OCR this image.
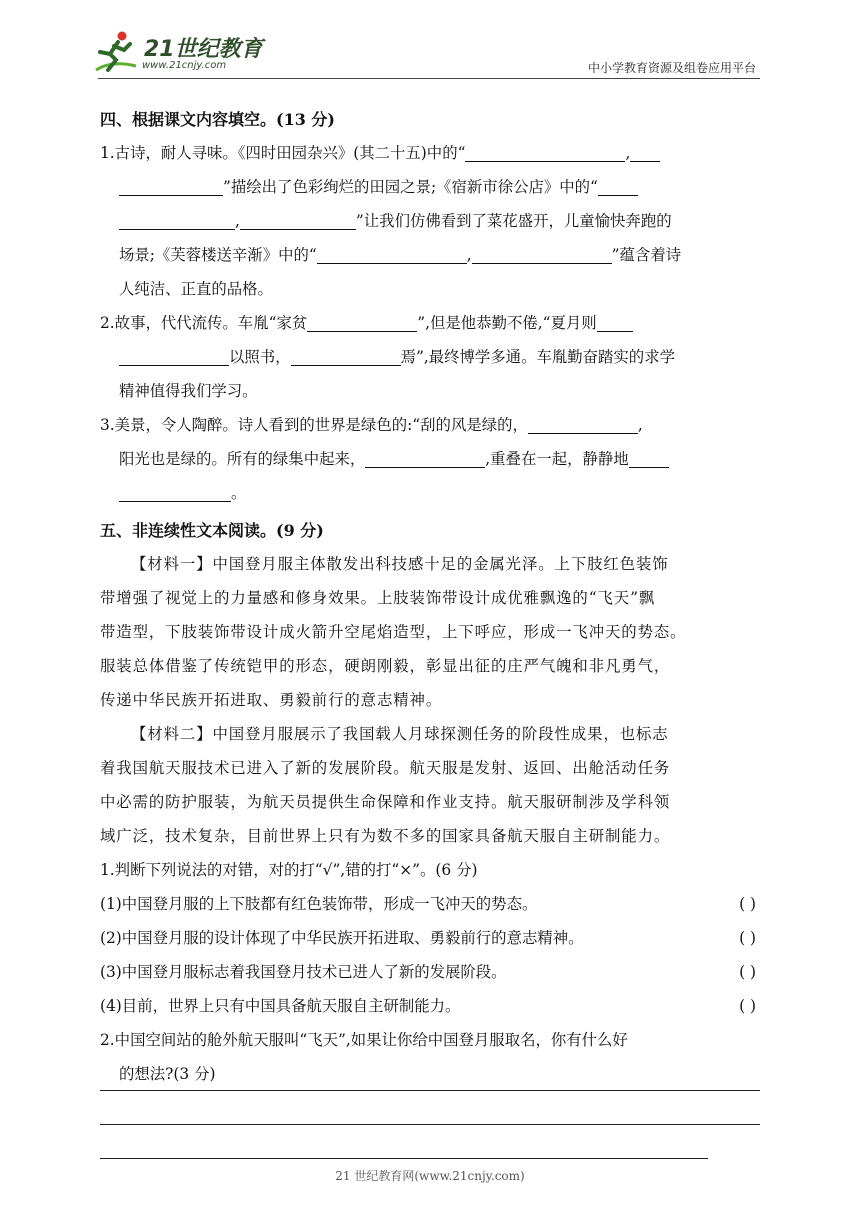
21世纪教育
www.21cnjy.com	中小学教育资源及组卷应用平台
四、根据课文内容填空。(13 分)
1.古诗，耐人寻味。《四时田园杂兴》(其二十五)中的“	,
”描绘出了色彩绚烂的田园之景;《宿新市徐公店》中的“
,	”让我们仿佛看到了菜花盛开，儿童愉快奔跑的
场景;《芙蓉楼送辛渐》中的“	,	”蕴含着诗
人纯洁、正直的品格。
2.故事，代代流传。车胤“家贫	”,但是他恭勤不倦,“夏月则
以照书，	焉”,最终博学多通。车胤勤奋踏实的求学
精神值得我们学习。
3.美景，令人陶醉。诗人看到的世界是绿色的:“刮的风是绿的，	,
阳光也是绿的。所有的绿集中起来，	,重叠在一起，静静地
。
五、非连续性文本阅读。(9 分)
【材料一】中国登月服主体散发出科技感十足的金属光泽。上下肢红色装饰
带增强了视觉上的力量感和修身效果。上肢装饰带设计成优雅飘逸的“飞天”飘
带造型，下肢装饰带设计成火箭升空尾焰造型，上下呼应，形成一飞冲天的势态。
服装总体借鉴了传统铠甲的形态，硬朗刚毅，彰显出征的庄严气魄和非凡勇气，
传递中华民族开拓进取、勇毅前行的意志精神。
【材料二】中国登月服展示了我国载人月球探测任务的阶段性成果，也标志
着我国航天服技术已进入了新的发展阶段。航天服是发射、返回、出舱活动任务
中必需的防护服装，为航天员提供生命保障和作业支持。航天服研制涉及学科领
域广泛，技术复杂，目前世界上只有为数不多的国家具备航天服自主研制能力。
1.判断下列说法的对错，对的打“√”,错的打“×”。(6 分)
(1)中国登月服的上下肢都有红色装饰带，形成一飞冲天的势态。	( )
(2)中国登月服的设计体现了中华民族开拓进取、勇毅前行的意志精神。	( )
(3)中国登月服标志着我国登月技术已进人了新的发展阶段。	( )
(4)目前，世界上只有中国具备航天服自主研制能力。	( )
2.中国空间站的舱外航天服叫“飞天”,如果让你给中国登月服取名，你有什么好
的想法?(3 分)
21 世纪教育网(www.21cnjy.com)
